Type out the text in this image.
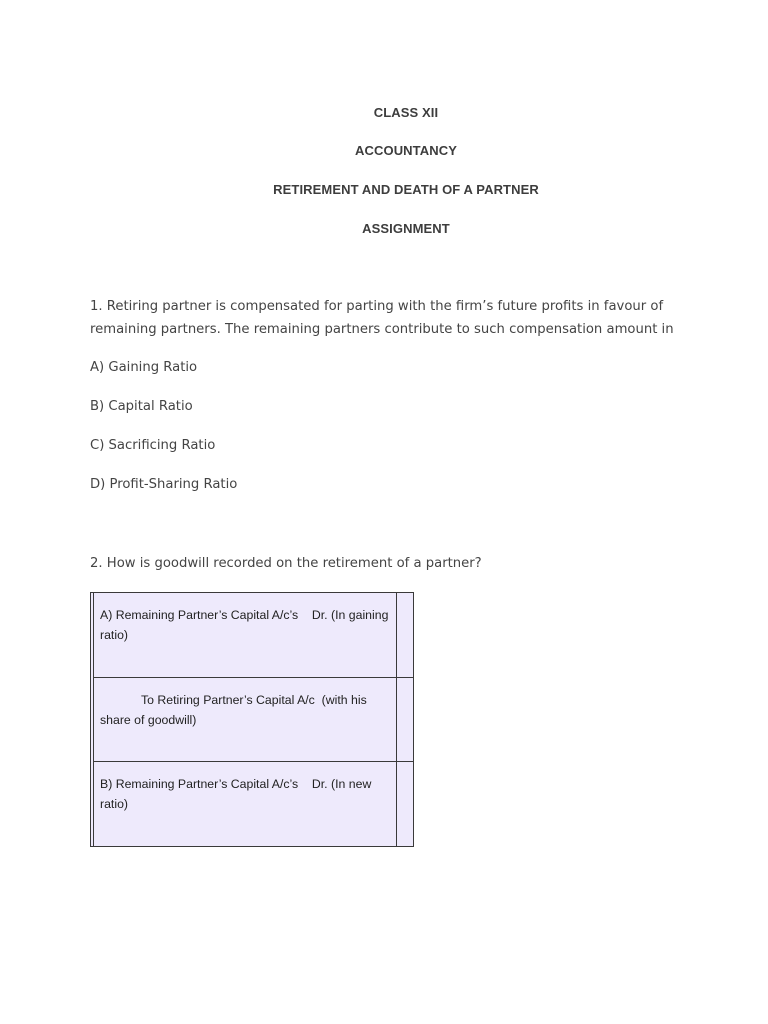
CLASS XII
ACCOUNTANCY
RETIREMENT AND DEATH OF A PARTNER
ASSIGNMENT
1. Retiring partner is compensated for parting with the firm’s future profits in favour of remaining partners. The remaining partners contribute to such compensation amount in
A) Gaining Ratio
B) Capital Ratio
C) Sacrificing Ratio
D) Profit-Sharing Ratio
2. How is goodwill recorded on the retirement of a partner?
A) Remaining Partner’s Capital A/c’s    Dr. (In gaining ratio)
To Retiring Partner’s Capital A/c  (with his share of goodwill)
B) Remaining Partner’s Capital A/c’s    Dr. (In new ratio)
